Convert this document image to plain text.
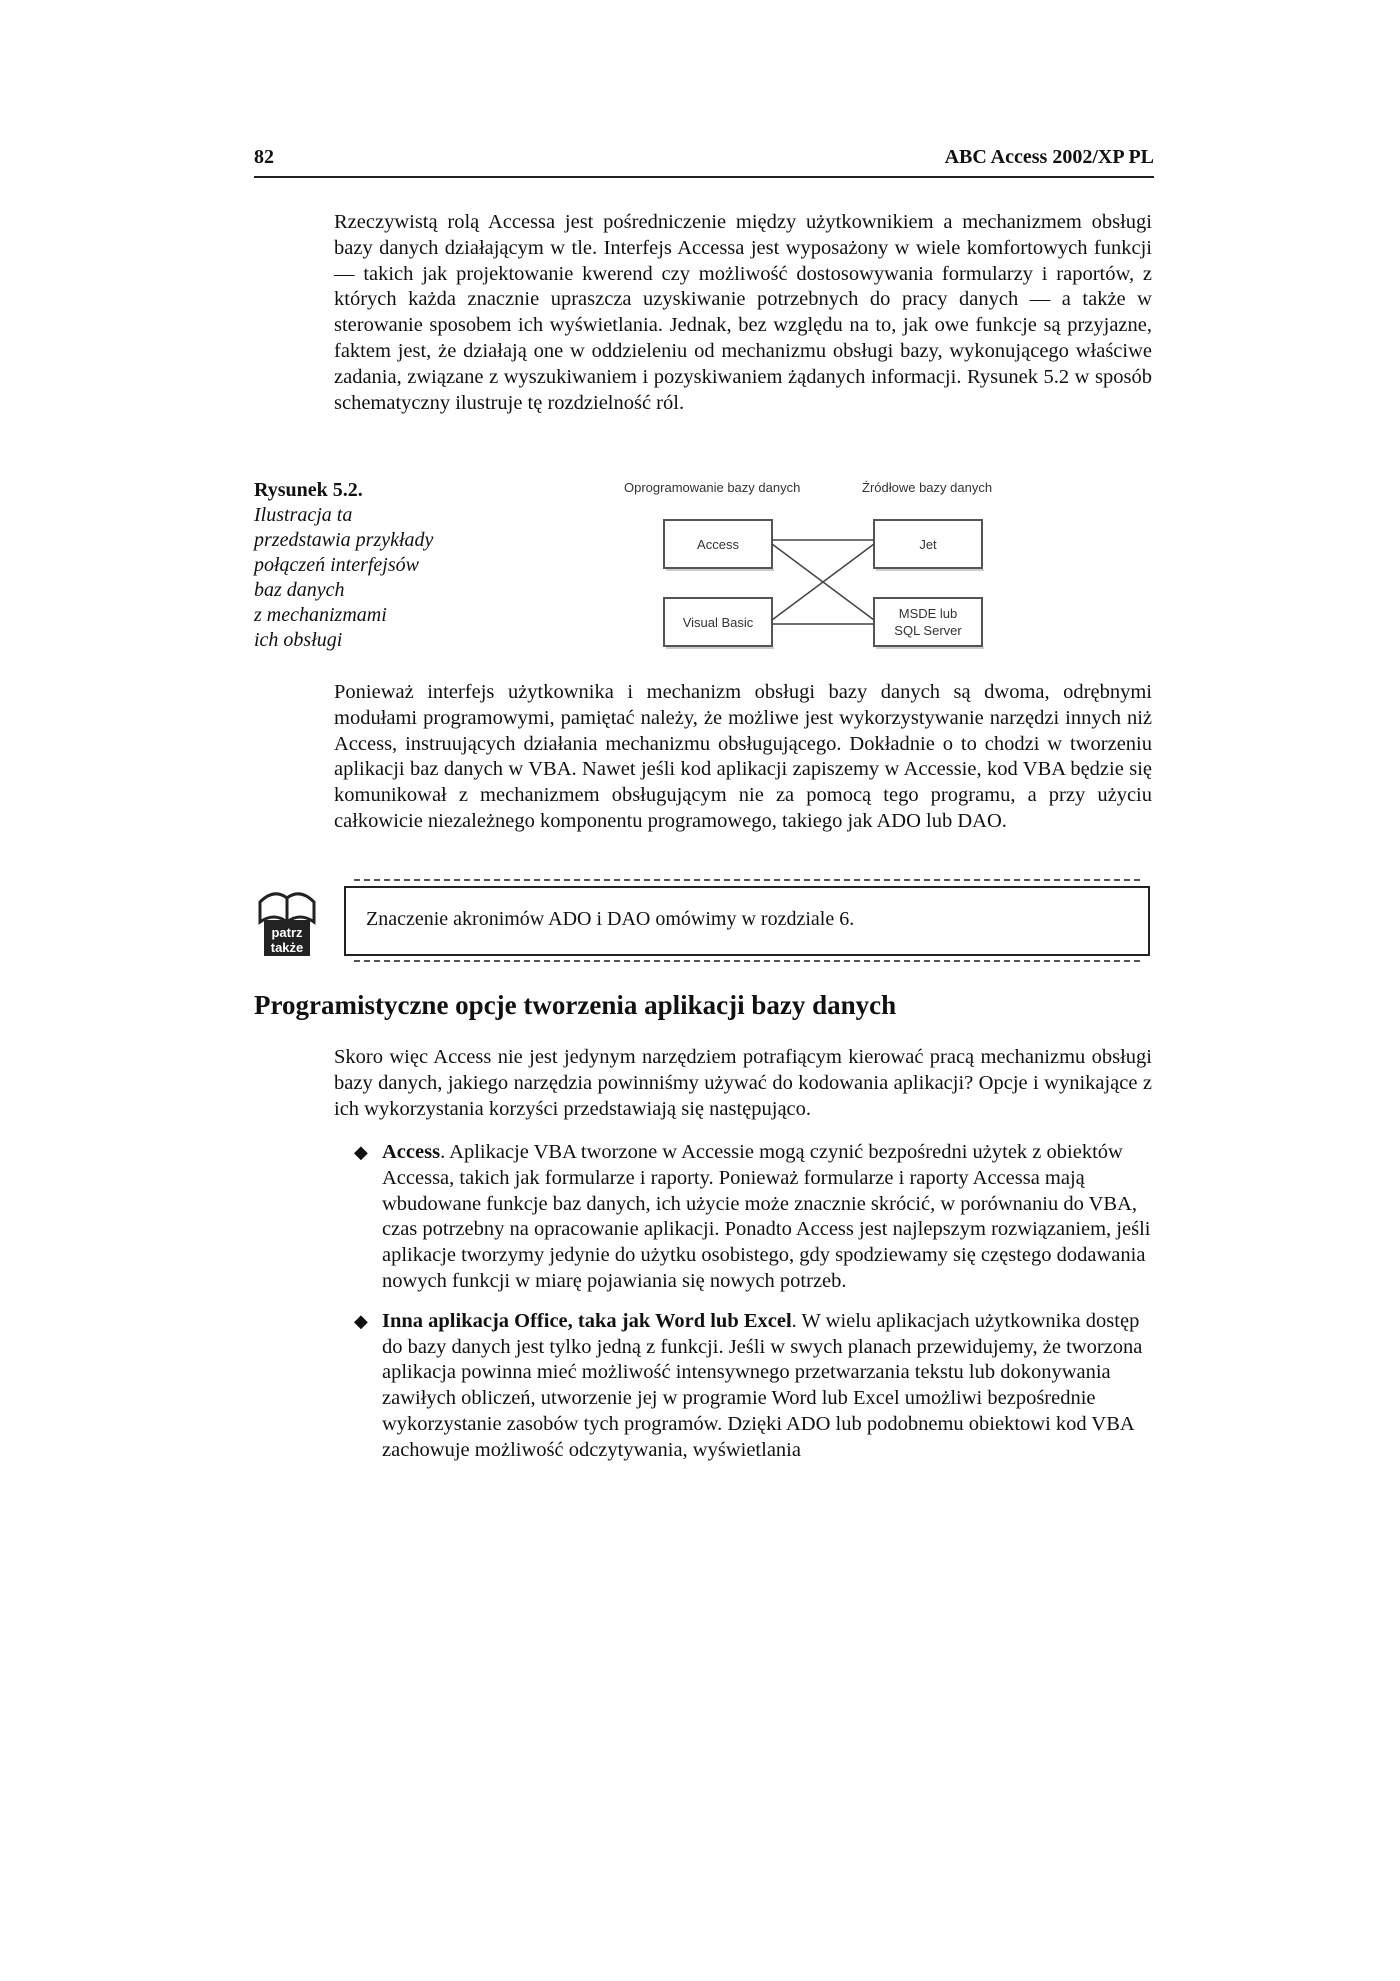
82	ABC Access 2002/XP PL

Rzeczywistą rolą Accessa jest pośredniczenie między użytkownikiem a mechanizmem obsługi bazy danych działającym w tle. Interfejs Accessa jest wyposażony w wiele komfortowych funkcji — takich jak projektowanie kwerend czy możliwość dostosowywania formularzy i raportów, z których każda znacznie upraszcza uzyskiwanie potrzebnych do pracy danych — a także w sterowanie sposobem ich wyświetlania. Jednak, bez względu na to, jak owe funkcje są przyjazne, faktem jest, że działają one w oddzieleniu od mechanizmu obsługi bazy, wykonującego właściwe zadania, związane z wyszukiwaniem i pozyskiwaniem żądanych informacji. Rysunek 5.2 w sposób schematyczny ilustruje tę rozdzielność ról.

Rysunek 5.2.
Ilustracja ta
przedstawia przykłady
połączeń interfejsów
baz danych
z mechanizmami
ich obsługi
Oprogramowanie bazy danych	Źródłowe bazy danych
Access
Visual Basic
Jet
MSDE lub
SQL Server

Ponieważ interfejs użytkownika i mechanizm obsługi bazy danych są dwoma, odrębnymi modułami programowymi, pamiętać należy, że możliwe jest wykorzystywanie narzędzi innych niż Access, instruujących działania mechanizmu obsługującego. Dokładnie o to chodzi w tworzeniu aplikacji baz danych w VBA. Nawet jeśli kod aplikacji zapiszemy w Accessie, kod VBA będzie się komunikował z mechanizmem obsługującym nie za pomocą tego programu, a przy użyciu całkowicie niezależnego komponentu programowego, takiego jak ADO lub DAO.

patrz
także
Znaczenie akronimów ADO i DAO omówimy w rozdziale 6.
Programistyczne opcje tworzenia aplikacji bazy danych

Skoro więc Access nie jest jedynym narzędziem potrafiącym kierować pracą mechanizmu obsługi bazy danych, jakiego narzędzia powinniśmy używać do kodowania aplikacji? Opcje i wynikające z ich wykorzystania korzyści przedstawiają się następująco.

◆ Access. Aplikacje VBA tworzone w Accessie mogą czynić bezpośredni użytek z obiektów Accessa, takich jak formularze i raporty. Ponieważ formularze i raporty Accessa mają wbudowane funkcje baz danych, ich użycie może znacznie skrócić, w porównaniu do VBA, czas potrzebny na opracowanie aplikacji. Ponadto Access jest najlepszym rozwiązaniem, jeśli aplikacje tworzymy jedynie do użytku osobistego, gdy spodziewamy się częstego dodawania nowych funkcji w miarę pojawiania się nowych potrzeb.
◆ Inna aplikacja Office, taka jak Word lub Excel. W wielu aplikacjach użytkownika dostęp do bazy danych jest tylko jedną z funkcji. Jeśli w swych planach przewidujemy, że tworzona aplikacja powinna mieć możliwość intensywnego przetwarzania tekstu lub dokonywania zawiłych obliczeń, utworzenie jej w programie Word lub Excel umożliwi bezpośrednie wykorzystanie zasobów tych programów. Dzięki ADO lub podobnemu obiektowi kod VBA zachowuje możliwość odczytywania, wyświetlania
